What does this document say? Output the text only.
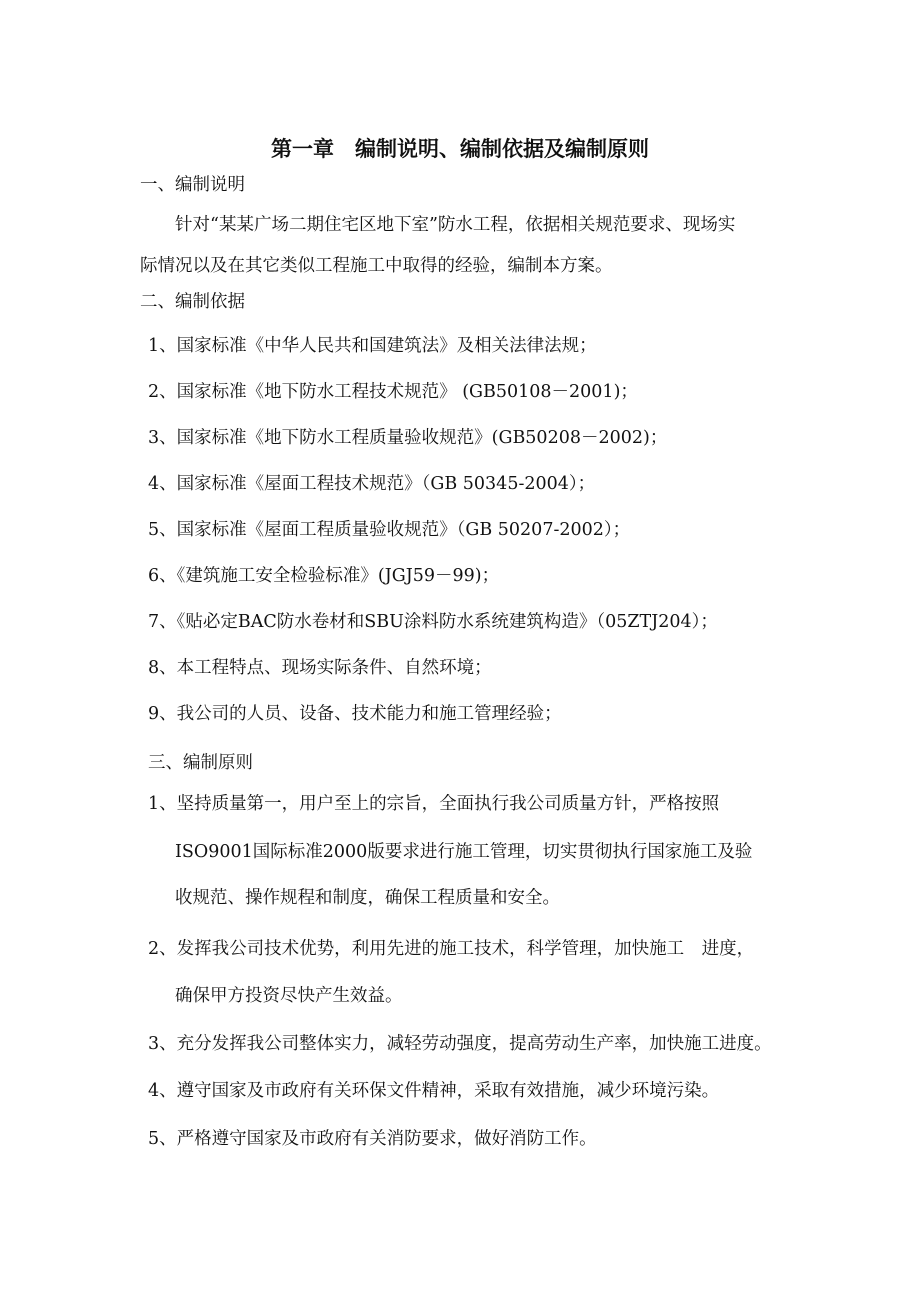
第一章　编制说明、编制依据及编制原则
一、编制说明
针对“某某广场二期住宅区地下室”防水工程，依据相关规范要求、现场实
际情况以及在其它类似工程施工中取得的经验，编制本方案。
二、编制依据
1、国家标准《中华人民共和国建筑法》及相关法律法规；
2、国家标准《地下防水工程技术规范》 (GB50108－2001)；
3、国家标准《地下防水工程质量验收规范》(GB50208－2002)；
4、国家标准《屋面工程技术规范》（GB 50345-2004）；
5、国家标准《屋面工程质量验收规范》（GB 50207-2002）；
6、《建筑施工安全检验标准》(JGJ59－99)；
7、《贴必定BAC防水卷材和SBU涂料防水系统建筑构造》（05ZTJ204）；
8、本工程特点、现场实际条件、自然环境；
9、我公司的人员、设备、技术能力和施工管理经验；
三、编制原则
1、坚持质量第一，用户至上的宗旨，全面执行我公司质量方针，严格按照
ISO9001国际标准2000版要求进行施工管理，切实贯彻执行国家施工及验
收规范、操作规程和制度，确保工程质量和安全。
2、发挥我公司技术优势，利用先进的施工技术，科学管理，加快施工　进度，
确保甲方投资尽快产生效益。
3、充分发挥我公司整体实力，减轻劳动强度，提高劳动生产率，加快施工进度。
4、遵守国家及市政府有关环保文件精神，采取有效措施，减少环境污染。
5、严格遵守国家及市政府有关消防要求，做好消防工作。
